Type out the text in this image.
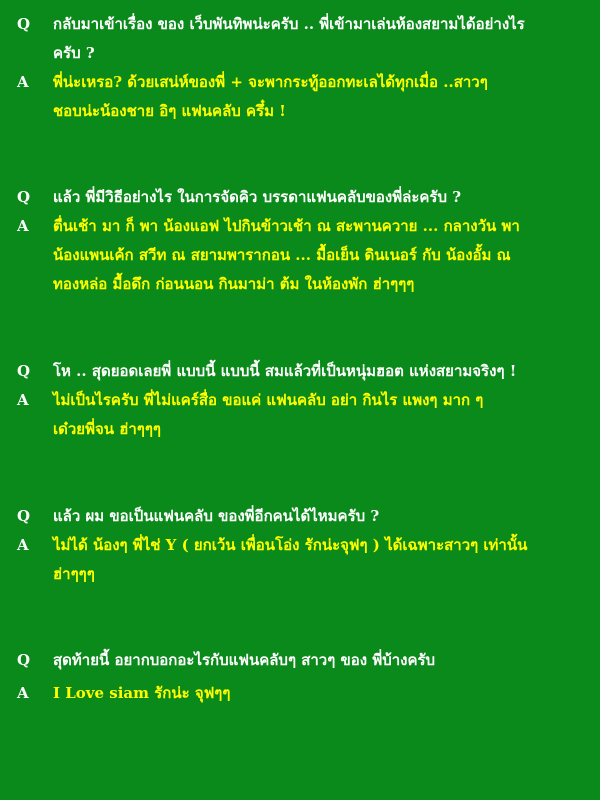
Q	กลับมาเข้าเรื่อง ของ เว็บพันทิพน่ะครับ .. พี่เข้ามาเล่นห้องสยามได้อย่างไร
ครับ ?
A	พี่น่ะเหรอ? ด้วยเสน่ห์ของพี่ + จะพากระทู้ออกทะเลได้ทุกเมื่อ ..สาวๆ
ชอบน่ะน้องชาย อิๆ แฟนคลับ ครึ๋ม !
Q	แล้ว พี่มีวิธีอย่างไร ในการจัดคิว บรรดาแฟนคลับของพี่ล่ะครับ ?
A	ตื่นเช้า มา ก็ พา น้องแอฟ ไปกินข้าวเช้า ณ สะพานควาย ... กลางวัน พา
น้องแพนเค้ก สวีท ณ สยามพารากอน ... มื้อเย็น ดินเนอร์ กับ น้องอั้ม ณ
ทองหล่อ มื้อดึก ก่อนนอน กินมาม่า ต้ม ในห้องพัก ฮ่าๆๆๆ
Q	โห .. สุดยอดเลยพี่ แบบนี้ แบบนี้ สมแล้วที่เป็นหนุ่มฮอต แห่งสยามจริงๆ !
A	ไม่เป็นไรครับ พี่ไม่แคร์สื่อ ขอแค่ แฟนคลับ อย่า กินไร แพงๆ มาก ๆ
เด๋วยพี่จน ฮ่าๆๆๆ
Q	แล้ว ผม ขอเป็นแฟนคลับ ของพี่อีกคนได้ไหมครับ ?
A	ไม่ได้ น้องๆ พี่ไช่ Y ( ยกเว้น เพื่อนโอ่ง รักน่ะจุฟๆ ) ได้เฉพาะสาวๆ เท่านั้น
ฮ่าๆๆๆ
Q	สุดท้ายนี้ อยากบอกอะไรกับแฟนคลับๆ สาวๆ ของ พี่บ้างครับ
A	I Love siam รักน่ะ จุฟๆๆ
